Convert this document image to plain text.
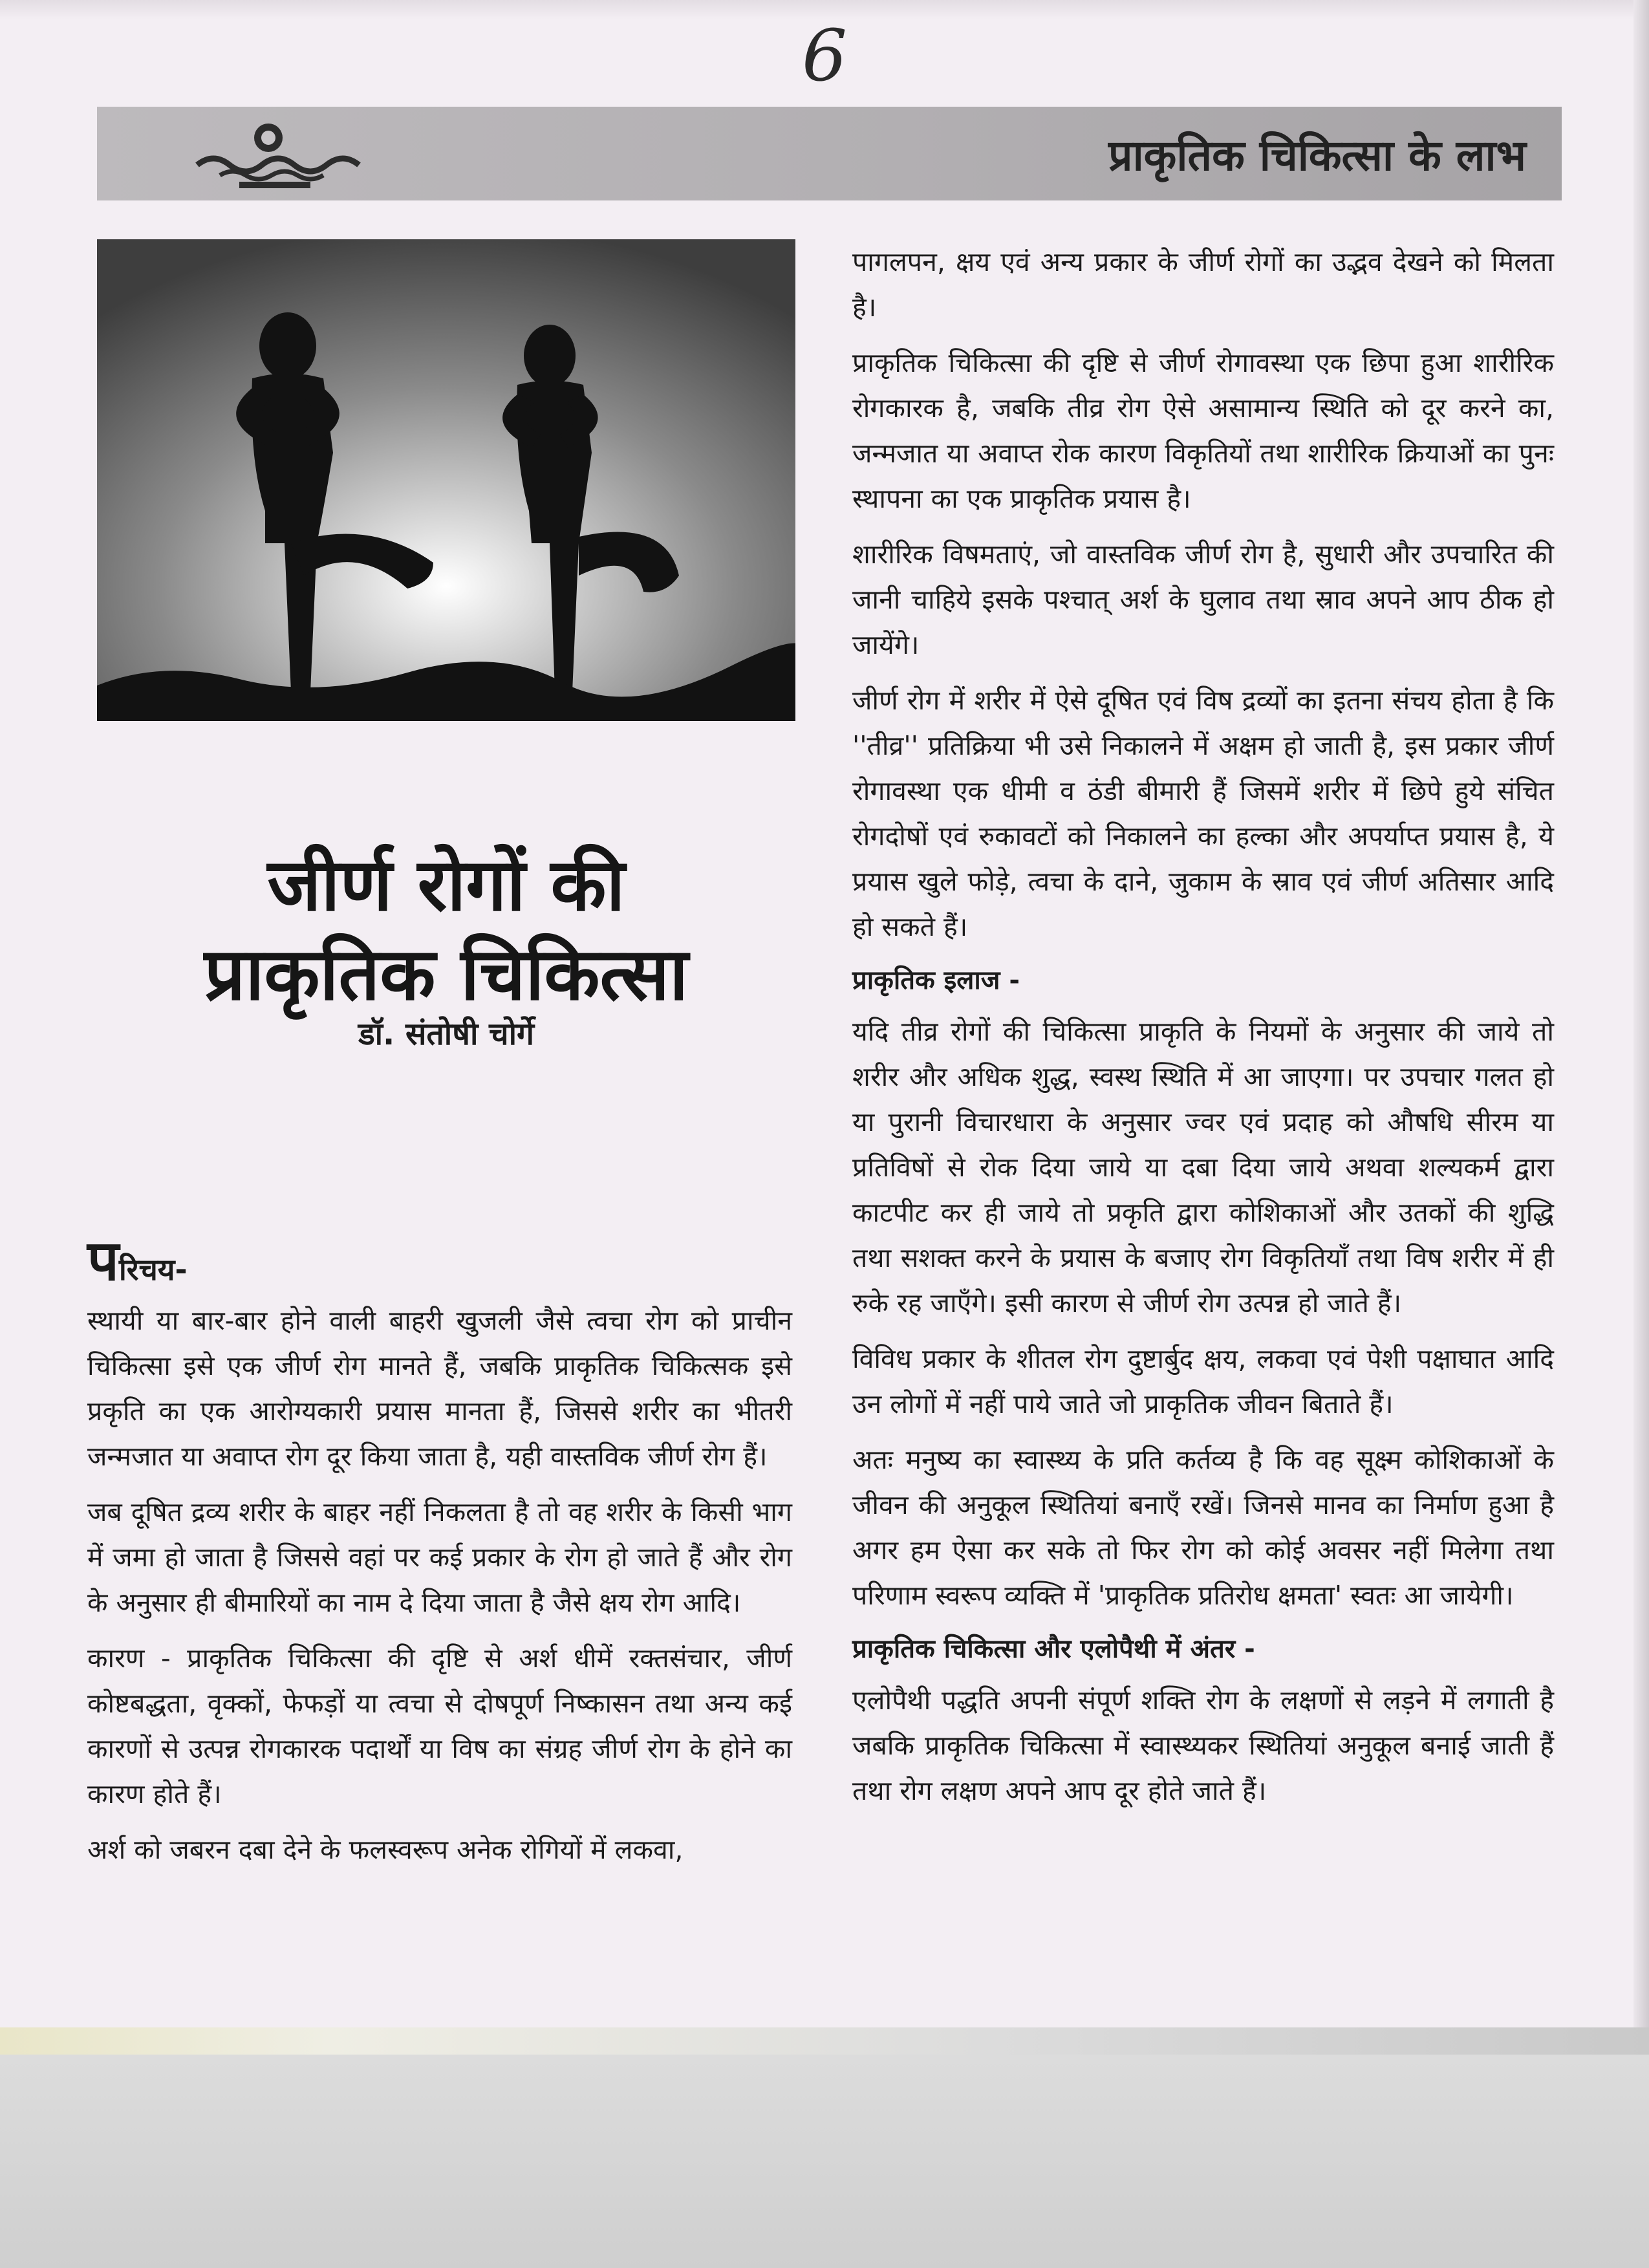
6
प्राकृतिक चिकित्सा के लाभ
जीर्ण रोगों की
प्राकृतिक चिकित्सा
डॉ. संतोषी चोर्गे
परिचय-

स्थायी या बार-बार होने वाली बाहरी खुजली जैसे त्वचा रोग को प्राचीन चिकित्सा इसे एक जीर्ण रोग मानते हैं, जबकि प्राकृतिक चिकित्सक इसे प्रकृति का एक आरोग्यकारी प्रयास मानता हैं, जिससे शरीर का भीतरी जन्मजात या अवाप्त रोग दूर किया जाता है, यही वास्तविक जीर्ण रोग हैं।

जब दूषित द्रव्य शरीर के बाहर नहीं निकलता है तो वह शरीर के किसी भाग में जमा हो जाता है जिससे वहां पर कई प्रकार के रोग हो जाते हैं और रोग के अनुसार ही बीमारियों का नाम दे दिया जाता है जैसे क्षय रोग आदि।

कारण - प्राकृतिक चिकित्सा की दृष्टि से अर्श धीमें रक्तसंचार, जीर्ण कोष्टबद्धता, वृक्कों, फेफड़ों या त्वचा से दोषपूर्ण निष्कासन तथा अन्य कई कारणों से उत्पन्न रोगकारक पदार्थों या विष का संग्रह जीर्ण रोग के होने का कारण होते हैं।

अर्श को जबरन दबा देने के फलस्वरूप अनेक रोगियों में लकवा,

पागलपन, क्षय एवं अन्य प्रकार के जीर्ण रोगों का उद्भव देखने को मिलता है।

प्राकृतिक चिकित्सा की दृष्टि से जीर्ण रोगावस्था एक छिपा हुआ शारीरिक रोगकारक है, जबकि तीव्र रोग ऐसे असामान्य स्थिति को दूर करने का, जन्मजात या अवाप्त रोक कारण विकृतियों तथा शारीरिक क्रियाओं का पुनः स्थापना का एक प्राकृतिक प्रयास है।

शारीरिक विषमताएं, जो वास्तविक जीर्ण रोग है, सुधारी और उपचारित की जानी चाहिये इसके पश्चात् अर्श के घुलाव तथा स्राव अपने आप ठीक हो जायेंगे।

जीर्ण रोग में शरीर में ऐसे दूषित एवं विष द्रव्यों का इतना संचय होता है कि ''तीव्र'' प्रतिक्रिया भी उसे निकालने में अक्षम हो जाती है, इस प्रकार जीर्ण रोगावस्था एक धीमी व ठंडी बीमारी हैं जिसमें शरीर में छिपे हुये संचित रोगदोषों एवं रुकावटों को निकालने का हल्का और अपर्याप्त प्रयास है, ये प्रयास खुले फोड़े, त्वचा के दाने, जुकाम के स्राव एवं जीर्ण अतिसार आदि हो सकते हैं।

प्राकृतिक इलाज -

यदि तीव्र रोगों की चिकित्सा प्राकृति के नियमों के अनुसार की जाये तो शरीर और अधिक शुद्ध, स्वस्थ स्थिति में आ जाएगा। पर उपचार गलत हो या पुरानी विचारधारा के अनुसार ज्वर एवं प्रदाह को औषधि सीरम या प्रतिविषों से रोक दिया जाये या दबा दिया जाये अथवा शल्यकर्म द्वारा काटपीट कर ही जाये तो प्रकृति द्वारा कोशिकाओं और उतकों की शुद्धि तथा सशक्त करने के प्रयास के बजाए रोग विकृतियाँ तथा विष शरीर में ही रुके रह जाएँगे। इसी कारण से जीर्ण रोग उत्पन्न हो जाते हैं।

विविध प्रकार के शीतल रोग दुष्टार्बुद क्षय, लकवा एवं पेशी पक्षाघात आदि उन लोगों में नहीं पाये जाते जो प्राकृतिक जीवन बिताते हैं।

अतः मनुष्य का स्वास्थ्य के प्रति कर्तव्य है कि वह सूक्ष्म कोशिकाओं के जीवन की अनुकूल स्थितियां बनाएँ रखें। जिनसे मानव का निर्माण हुआ है अगर हम ऐसा कर सके तो फिर रोग को कोई अवसर नहीं मिलेगा तथा परिणाम स्वरूप व्यक्ति में 'प्राकृतिक प्रतिरोध क्षमता' स्वतः आ जायेगी।

प्राकृतिक चिकित्सा और एलोपैथी में अंतर -

एलोपैथी पद्धति अपनी संपूर्ण शक्ति रोग के लक्षणों से लड़ने में लगाती है जबकि प्राकृतिक चिकित्सा में स्वास्थ्यकर स्थितियां अनुकूल बनाई जाती हैं तथा रोग लक्षण अपने आप दूर होते जाते हैं।
